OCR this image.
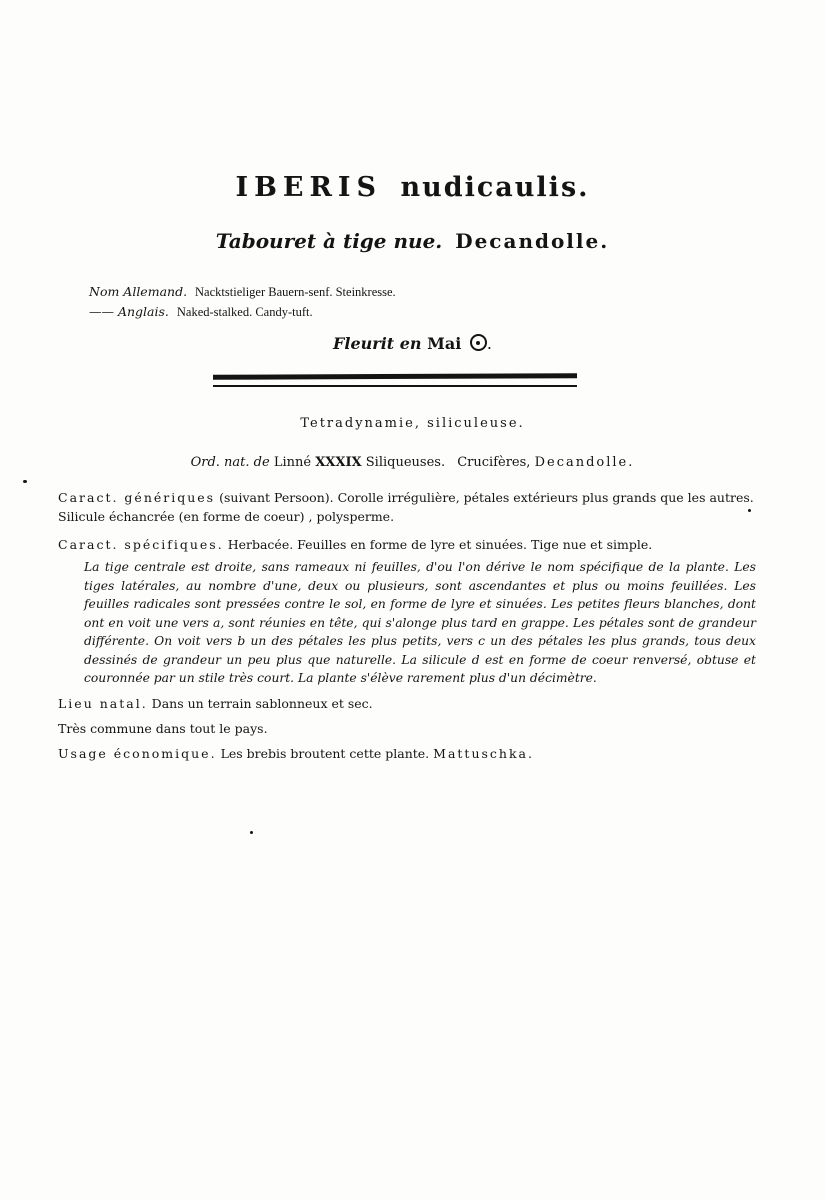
IBERIS nudicaulis.
Tabouret à tige nue. Decandolle.
Nom Allemand. Nacktstieliger Bauern-senf. Steinkresse.
—— Anglais. Naked-stalked. Candy-tuft.
Fleurit en Mai .
Tetradynamie, siliculeuse.
Ord. nat. de Linné XXXIX Siliqueuses. Crucifères, Decandolle.

Caract. génériques (suivant Persoon). Corolle irrégulière, pétales extérieurs plus grands que les autres. Silicule échancrée (en forme de coeur) , polysperme.

Caract. spécifiques. Herbacée. Feuilles en forme de lyre et sinuées. Tige nue et simple.

La tige centrale est droite, sans rameaux ni feuilles, d'ou l'on dérive le nom spécifique de la plante. Les tiges latérales, au nombre d'une, deux ou plusieurs, sont ascendantes et plus ou moins feuillées. Les feuilles radicales sont pressées contre le sol, en forme de lyre et sinuées. Les petites fleurs blanches, dont ont en voit une vers a, sont réunies en tête, qui s'alonge plus tard en grappe. Les pétales sont de grandeur différente. On voit vers b un des pétales les plus petits, vers c un des pétales les plus grands, tous deux dessinés de grandeur un peu plus que naturelle. La silicule d est en forme de coeur renversé, obtuse et couronnée par un stile très court. La plante s'élève rarement plus d'un décimètre.

Lieu natal. Dans un terrain sablonneux et sec.

Très commune dans tout le pays.

Usage économique. Les brebis broutent cette plante. Mattuschka.
